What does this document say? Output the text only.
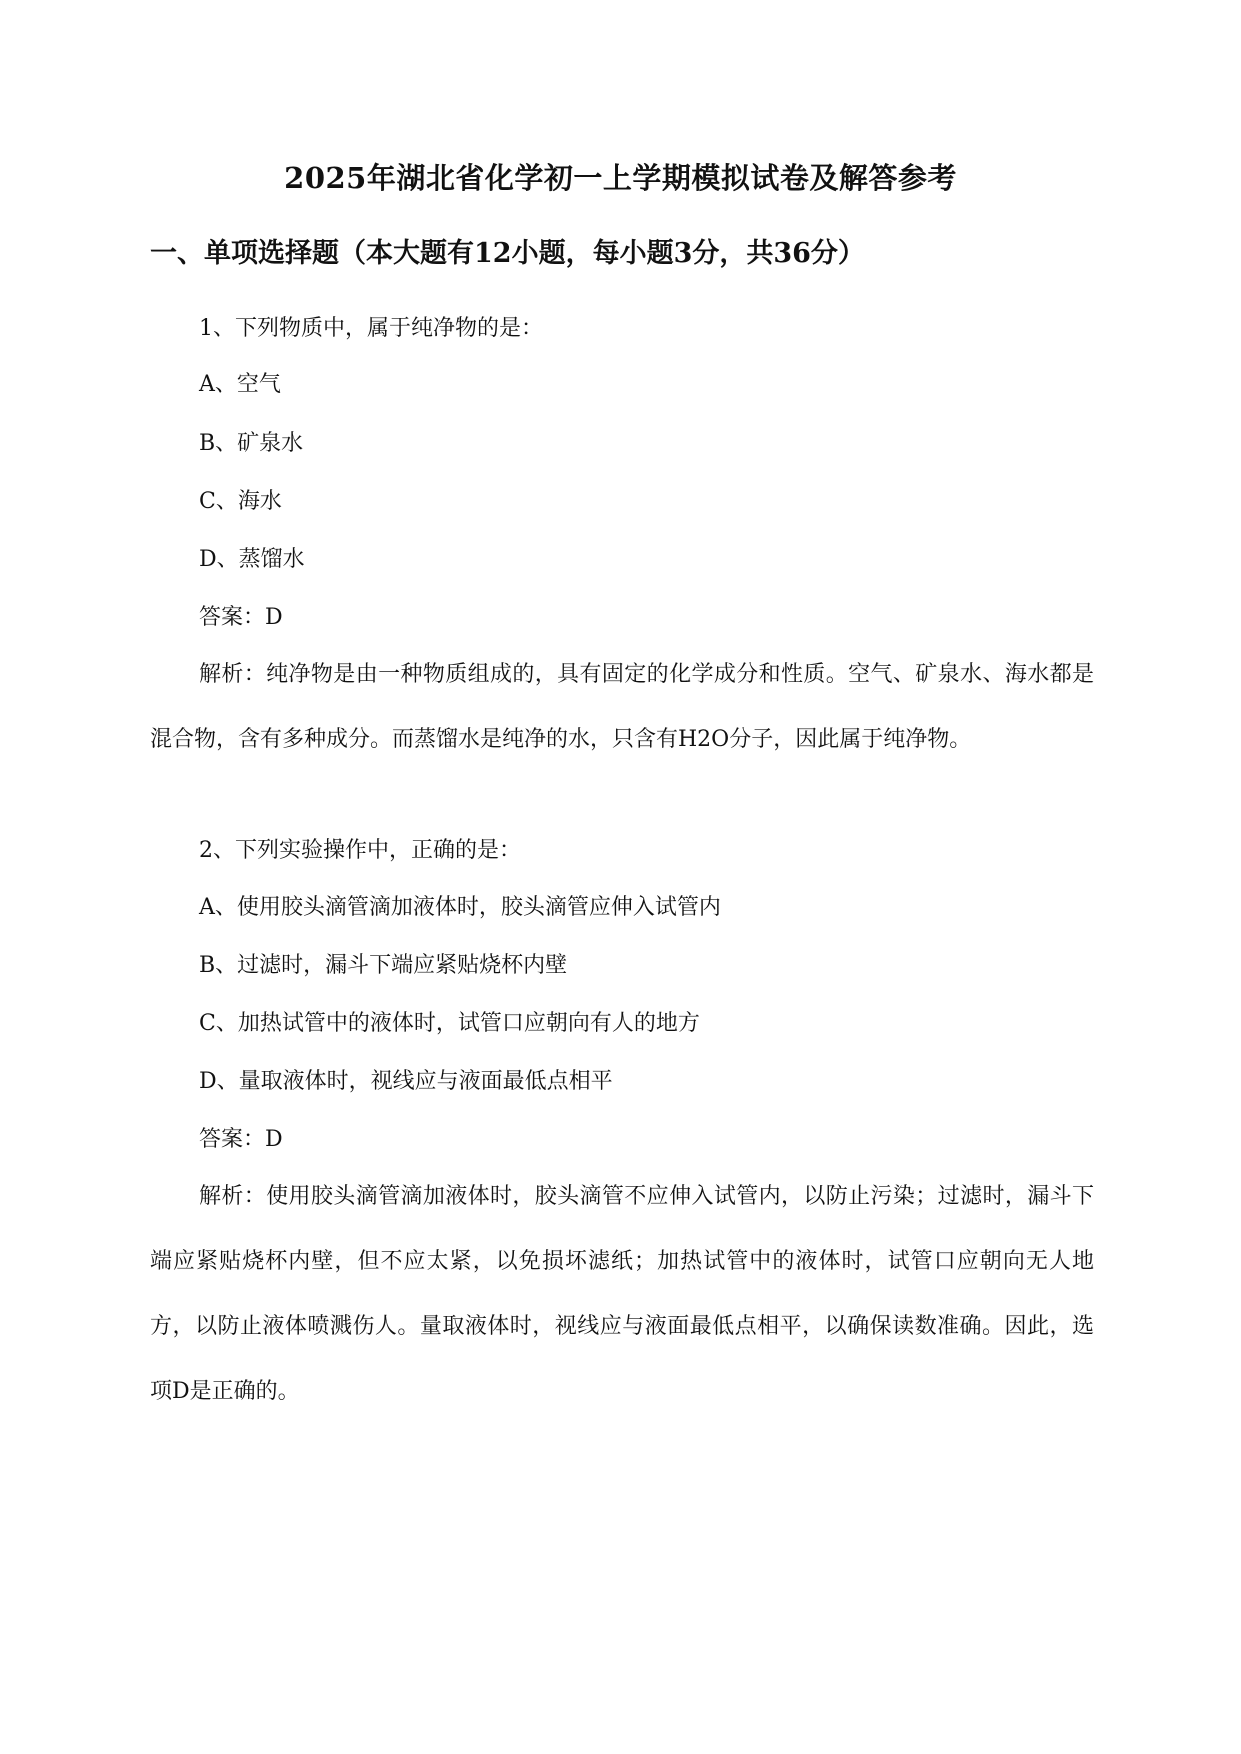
2025年湖北省化学初一上学期模拟试卷及解答参考
一、单项选择题（本大题有12小题，每小题3分，共36分）
1、下列物质中，属于纯净物的是：
A、空气
B、矿泉水
C、海水
D、蒸馏水
答案：D
解析：纯净物是由一种物质组成的，具有固定的化学成分和性质。空气、矿泉水、海水都是混合物，含有多种成分。而蒸馏水是纯净的水，只含有H2O分子，因此属于纯净物。
2、下列实验操作中，正确的是：
A、使用胶头滴管滴加液体时，胶头滴管应伸入试管内
B、过滤时，漏斗下端应紧贴烧杯内壁
C、加热试管中的液体时，试管口应朝向有人的地方
D、量取液体时，视线应与液面最低点相平
答案：D
解析：使用胶头滴管滴加液体时，胶头滴管不应伸入试管内，以防止污染；过滤时，漏斗下端应紧贴烧杯内壁，但不应太紧，以免损坏滤纸；加热试管中的液体时，试管口应朝向无人地方，以防止液体喷溅伤人。量取液体时，视线应与液面最低点相平，以确保读数准确。因此，选项D是正确的。
